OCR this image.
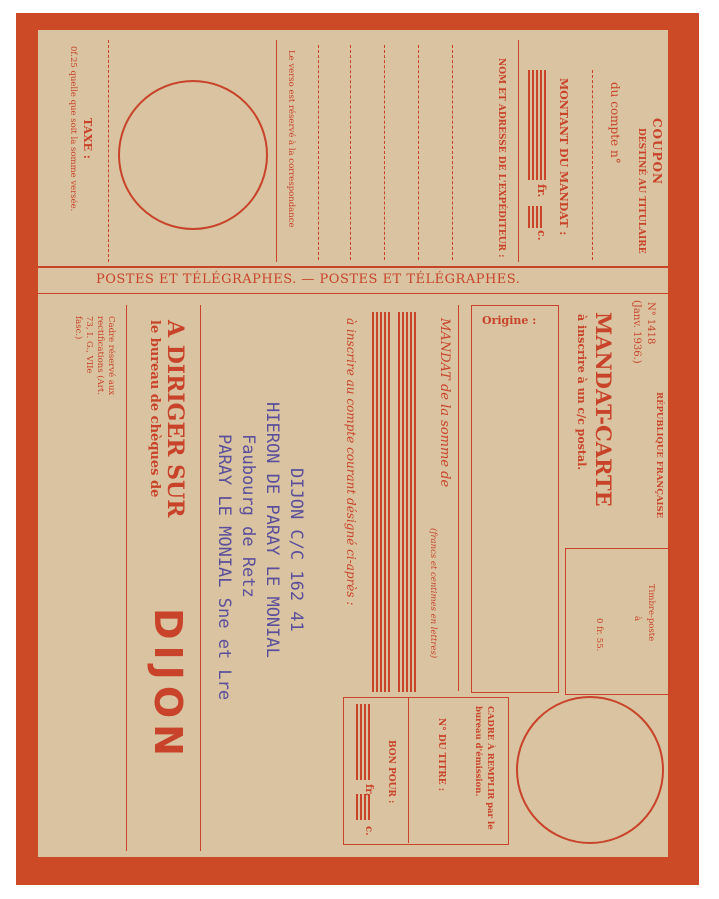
COUPON
DESTINÉ AU TITULAIRE
du compte n°
MONTANT DU MANDAT :
fr.
c.
NOM ET ADRESSE DE L'EXPÉDITEUR :
Le verso est réservé à la correspondance
TAXE :
0f.25 quelle que soit la somme versée.
POSTES ET TÉLÉGRAPHES. — POSTES ET TÉLÉGRAPHES.
N° 1418
(Janv. 1936.)
RÉPUBLIQUE FRANÇAISE
MANDAT-CARTE
à inscrire à un c/c postal.
Origine :
Timbre-poste
à
0 fr. 55.
MANDAT de la somme de
(francs et centimes en lettres)
à inscrire au compte courant désigné ci-après :
CADRE À REMPLIR par le bureau d'émission.
N° DU TITRE :
BON POUR :
fr.
c.
A DIRIGER SUR
le bureau de chèques de
DIJON
Cadre réservé aux rectifications (Art. 73, I. G., VIIe fasc.)
DIJON C/C 162 41
HIERON DE PARAY LE MONIAL
Faubourg de Retz
PARAY LE MONIAL Sne et Lre
